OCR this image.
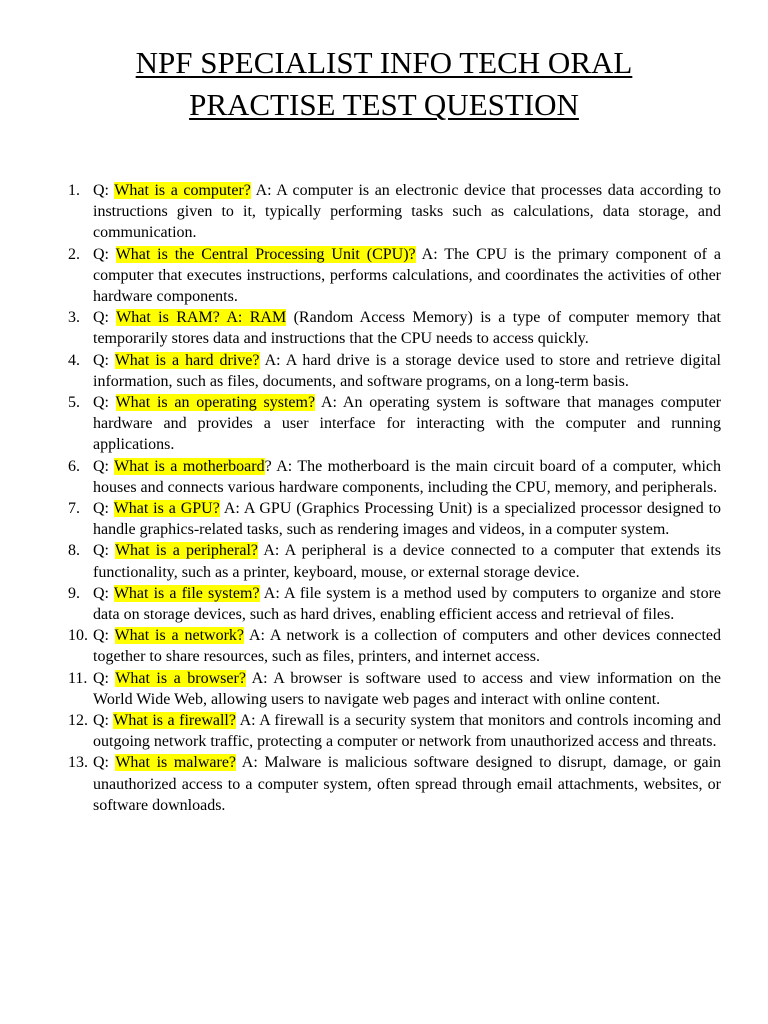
NPF SPECIALIST INFO TECH ORAL
PRACTISE TEST QUESTION
1. Q: What is a computer? A: A computer is an electronic device that processes data according to instructions given to it, typically performing tasks such as calculations, data storage, and communication.
2. Q: What is the Central Processing Unit (CPU)? A: The CPU is the primary component of a computer that executes instructions, performs calculations, and coordinates the activities of other hardware components.
3. Q: What is RAM? A: RAM (Random Access Memory) is a type of computer memory that temporarily stores data and instructions that the CPU needs to access quickly.
4. Q: What is a hard drive? A: A hard drive is a storage device used to store and retrieve digital information, such as files, documents, and software programs, on a long-term basis.
5. Q: What is an operating system? A: An operating system is software that manages computer hardware and provides a user interface for interacting with the computer and running applications.
6. Q: What is a motherboard? A: The motherboard is the main circuit board of a computer, which houses and connects various hardware components, including the CPU, memory, and peripherals.
7. Q: What is a GPU? A: A GPU (Graphics Processing Unit) is a specialized processor designed to handle graphics-related tasks, such as rendering images and videos, in a computer system.
8. Q: What is a peripheral? A: A peripheral is a device connected to a computer that extends its functionality, such as a printer, keyboard, mouse, or external storage device.
9. Q: What is a file system? A: A file system is a method used by computers to organize and store data on storage devices, such as hard drives, enabling efficient access and retrieval of files.
10. Q: What is a network? A: A network is a collection of computers and other devices connected together to share resources, such as files, printers, and internet access.
11. Q: What is a browser? A: A browser is software used to access and view information on the World Wide Web, allowing users to navigate web pages and interact with online content.
12. Q: What is a firewall? A: A firewall is a security system that monitors and controls incoming and outgoing network traffic, protecting a computer or network from unauthorized access and threats.
13. Q: What is malware? A: Malware is malicious software designed to disrupt, damage, or gain unauthorized access to a computer system, often spread through email attachments, websites, or software downloads.
